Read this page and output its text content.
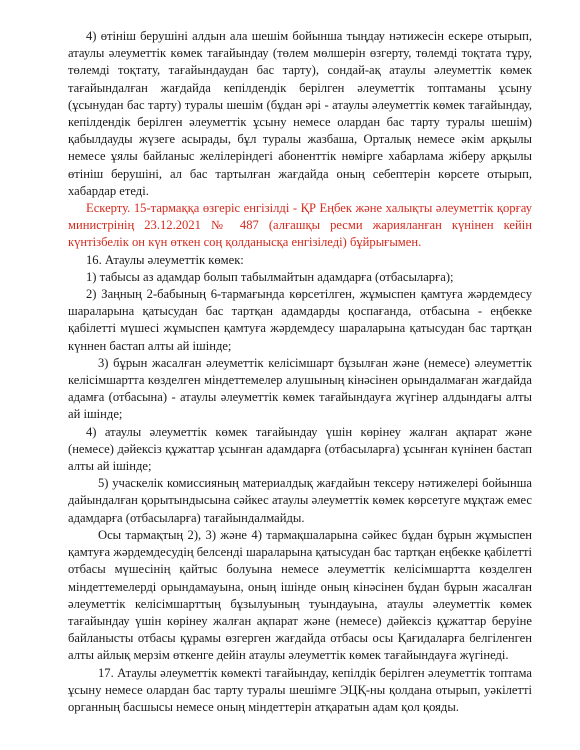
4) өтініш берушіні алдын ала шешім бойынша тыңдау нәтижесін ескере отырып, атаулы әлеуметтік көмек тағайындау (төлем мөлшерін өзгерту, төлемді тоқтата тұру, төлемді тоқтату, тағайындаудан бас тарту), сондай-ақ атаулы әлеуметтік көмек тағайындалған жағдайда кепілдендік берілген әлеуметтік топтаманы ұсыну (ұсынудан бас тарту) туралы шешім (бұдан әрі - атаулы әлеуметтік көмек тағайындау, кепілдендік берілген әлеуметтік ұсыну немесе олардан бас тарту туралы шешім) қабылдауды жүзеге асырады, бұл туралы жазбаша, Орталық немесе әкім арқылы немесе ұялы байланыс желілеріндегі абоненттік нөмірге хабарлама жіберу арқылы өтініш берушіні, ал бас тартылған жағдайда оның себептерін көрсете отырып, хабардар етеді.

Ескерту. 15-тармаққа өзгеріс енгізілді - ҚР Еңбек және халықты әлеуметтік қорғау министрінің 23.12.2021 № 487 (алғашқы ресми жарияланған күнінен кейін күнтізбелік он күн өткен соң қолданысқа енгізіледі) бұйрығымен.

16. Атаулы әлеуметтік көмек:

1) табысы аз адамдар болып табылмайтын адамдарға (отбасыларға);

2) Заңның 2-бабының 6-тармағында көрсетілген, жұмыспен қамтуға жәрдемдесу шараларына қатысудан бас тартқан адамдарды қоспағанда, отбасына - еңбекке қабілетті мүшесі жұмыспен қамтуға жәрдемдесу шараларына қатысудан бас тартқан күннен бастап алты ай ішінде;

3) бұрын жасалған әлеуметтік келісімшарт бұзылған және (немесе) әлеуметтік келісімшартта көзделген міндеттемелер алушының кінәсінен орындалмаған жағдайда адамға (отбасына) - атаулы әлеуметтік көмек тағайындауға жүгінер алдындағы алты ай ішінде;

4) атаулы әлеуметтік көмек тағайындау үшін көрінеу жалған ақпарат және (немесе) дәйексіз құжаттар ұсынған адамдарға (отбасыларға) ұсынған күнінен бастап алты ай ішінде;

5) учаскелік комиссияның материалдық жағдайын тексеру нәтижелері бойынша дайындалған қорытындысына сәйкес атаулы әлеуметтік көмек көрсетуге мұқтаж емес адамдарға (отбасыларға) тағайындалмайды.

Осы тармақтың 2), 3) және 4) тармақшаларына сәйкес бұдан бұрын жұмыспен қамтуға жәрдемдесудің белсенді шараларына қатысудан бас тартқан еңбекке қабілетті отбасы мүшесінің қайтыс болуына немесе әлеуметтік келісімшартта көзделген міндеттемелерді орындамауына, оның ішінде оның кінәсінен бұдан бұрын жасалған әлеуметтік келісімшарттың бұзылуының туындауына, атаулы әлеуметтік көмек тағайындау үшін көрінеу жалған ақпарат және (немесе) дәйексіз құжаттар беруіне байланысты отбасы құрамы өзгерген жағдайда отбасы осы Қағидаларға белгіленген алты айлық мерзім өткенге дейін атаулы әлеуметтік көмек тағайындауға жүгінеді.

17. Атаулы әлеуметтік көмекті тағайындау, кепілдік берілген әлеуметтік топтама ұсыну немесе олардан бас тарту туралы шешімге ЭЦҚ-ны қолдана отырып, уәкілетті органның басшысы немесе оның міндеттерін атқаратын адам қол қояды.
